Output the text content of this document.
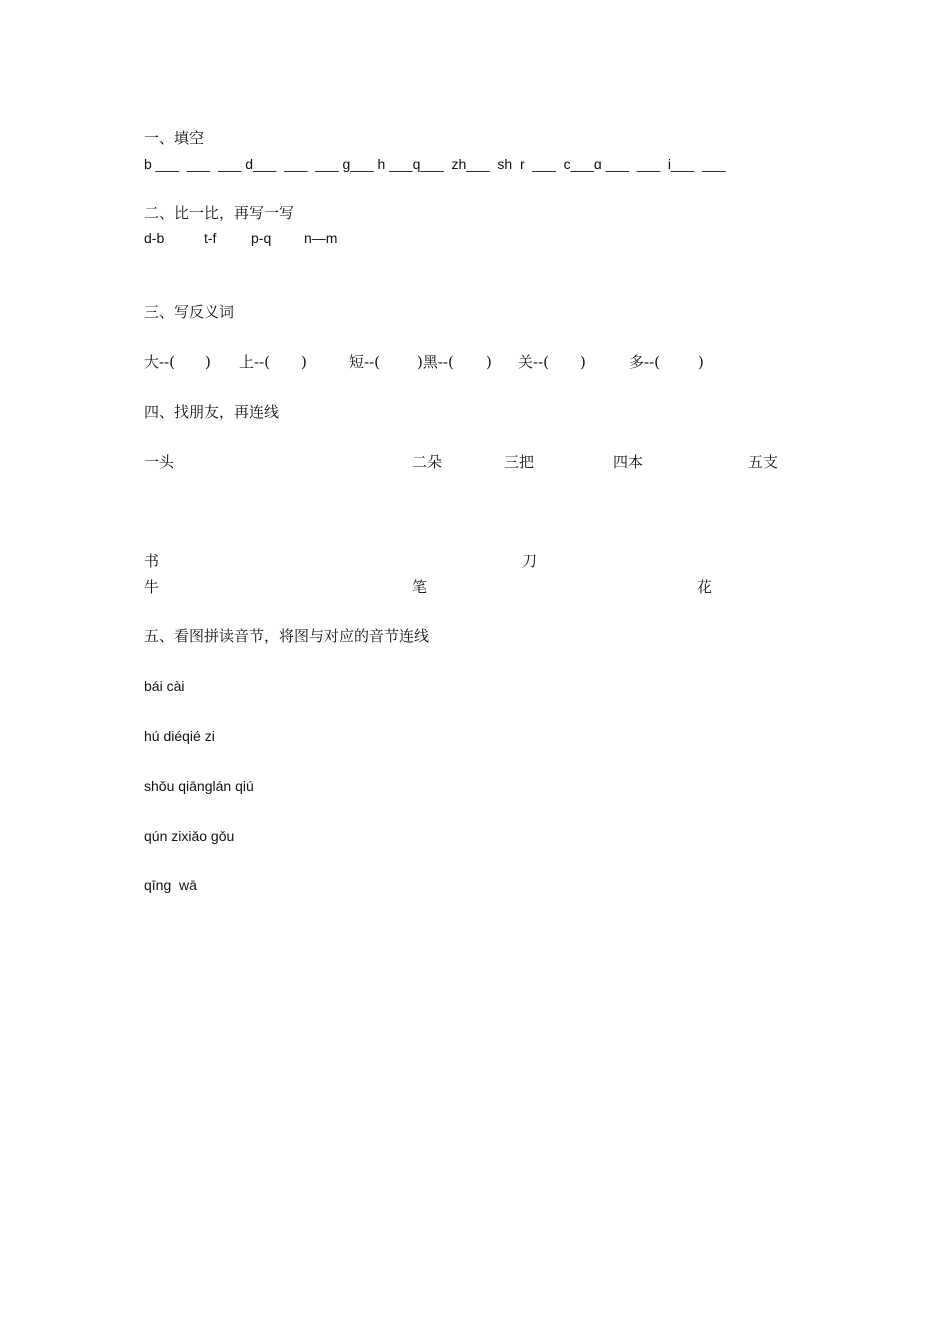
一、填空
b ___  ___  ___ d___  ___  ___ g___ h ___q___  zh___  sh  r  ___  c___ɑ ___  ___  i___  ___
二、比一比，再写一写
d-b	t-f p-q n—m
三、写反义词
大--( ) 上--( )	短--( )黑--( ) 关--( )	多--(	)
四、找朋友，再连线
一头	二朵	三把	四本	五支
书	刀
牛	笔	花
五、看图拼读音节，将图与对应的音节连线
bái cài
hú diéqié zi
shǒu qiānglán qiú
qún zixiǎo gǒu
qīng  wā
